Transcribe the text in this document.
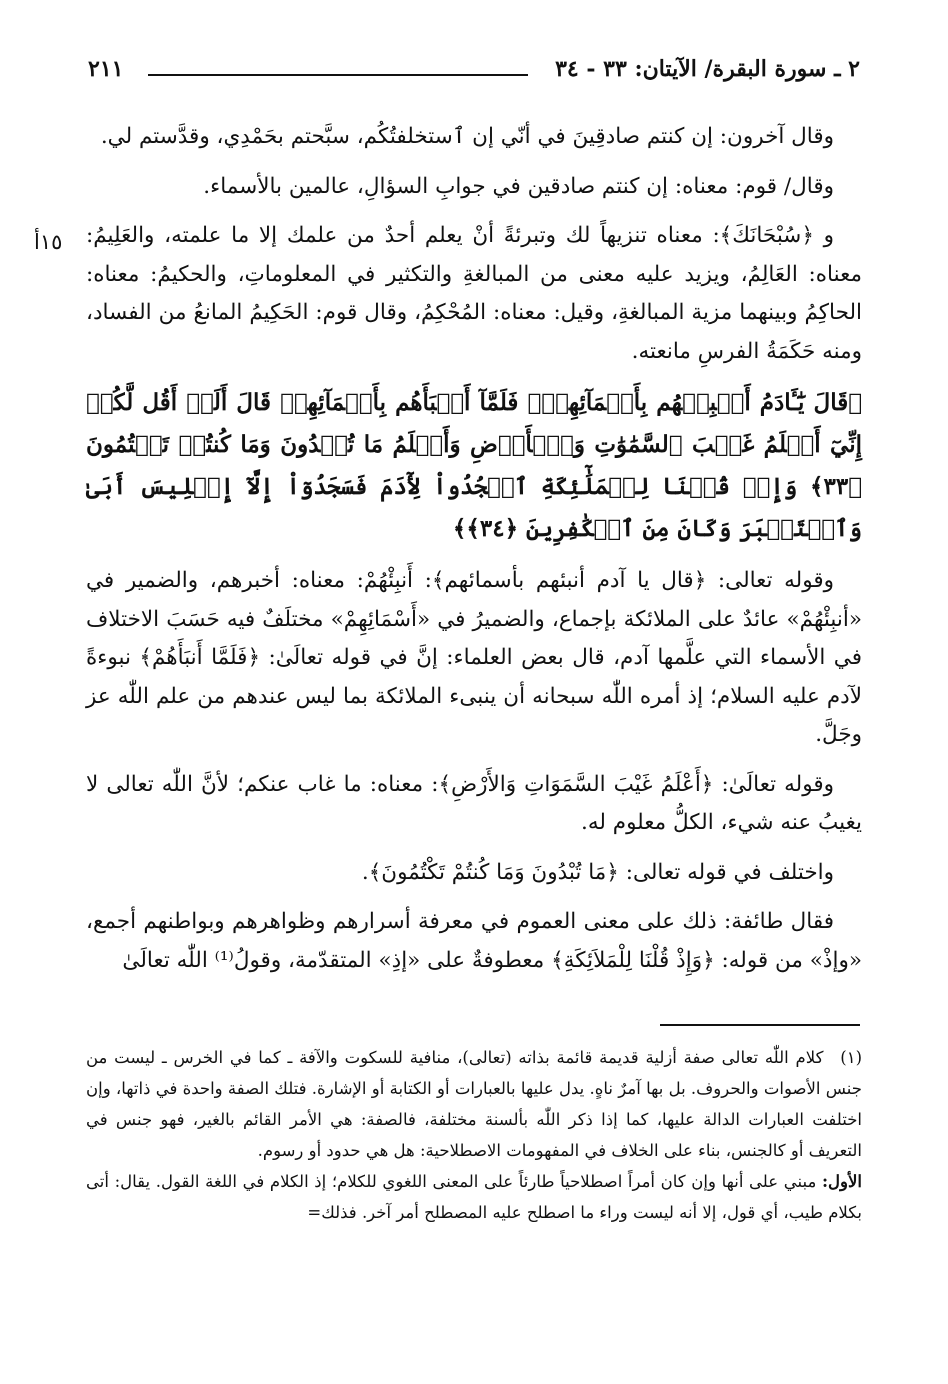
٢ ـ سورة البقرة/ الآيتان: ٣٣ - ٣٤
٢١١
١٥أ

وقال آخرون: إن كنتم صادقِينَ في أنّي إن ٱستخلفتُكُم، سبَّحتم بحَمْدِي، وقدَّستم لي.

وقال/ قوم: معناه: إن كنتم صادقين في جوابِ السؤالِ، عالمين بالأسماء.

و ﴿سُبْحَانَكَ﴾: معناه تنزيهاً لك وتبرئةً أنْ يعلم أحدٌ من علمك إلا ما علمته، والعَلِيمُ: معناه: العَالِمُ، ويزيد عليه معنى من المبالغةِ والتكثير في المعلوماتِ، والحكيمُ: معناه: الحاكِمُ وبينهما مزية المبالغةِ، وقيل: معناه: المُحْكِمُ، وقال قوم: الحَكِيمُ المانعُ من الفساد، ومنه حَكَمَةُ الفرسِ مانعته.

﴿قَالَ يَٰٓـَٔادَمُ أَنۢبِئۡهُم بِأَسۡمَآئِهِمۡۖ فَلَمَّآ أَنۢبَأَهُم بِأَسۡمَآئِهِمۡ قَالَ أَلَمۡ أَقُل لَّكُمۡ إِنِّيٓ أَعۡلَمُ غَيۡبَ ٱلسَّمَٰوَٰتِ وَٱلۡأَرۡضِ وَأَعۡلَمُ مَا تُبۡدُونَ وَمَا كُنتُمۡ تَكۡتُمُونَ ﴿٣٣﴾ وَإِذۡ قُلۡنَا لِلۡمَلَٰٓئِكَةِ ٱسۡجُدُواْ لِأٓدَمَ فَسَجَدُوٓاْ إِلَّآ إِبۡلِيسَ أَبَىٰ وَٱسۡتَكۡبَرَ وَكَانَ مِنَ ٱلۡكَٰفِرِينَ ﴿٣٤﴾﴾

وقوله تعالى: ﴿قال يا آدم أنبئهم بأسمائهم﴾: أَنبِئْهُمْ: معناه: أخبرهم، والضمير في «أنبِئْهُمْ» عائدٌ على الملائكة بإجماع، والضميرُ في «أَسْمَائِهِمْ» مختلَفٌ فيه حَسَبَ الاختلاف في الأسماء التي علَّمها آدم، قال بعض العلماء: إنَّ في قوله تعالَىٰ: ﴿فَلَمَّا أَنبَأَهُمْ﴾ نبوءةً لآدم عليه السلام؛ إذ أمره اللّٰه سبحانه أن ينبىء الملائكة بما ليس عندهم من علم اللّٰه عز وجَلَّ.

وقوله تعالَىٰ: ﴿أَعْلَمُ غَيْبَ السَّمَوَاتِ وَالأَرْضِ﴾: معناه: ما غاب عنكم؛ لأنَّ اللّٰه تعالى لا يغيبُ عنه شيء، الكلُّ معلوم له.

واختلف في قوله تعالى: ﴿مَا تُبْدُونَ وَمَا كُنتُمْ تَكْتُمُونَ﴾.

فقال طائفة: ذلك على معنى العموم في معرفة أسرارهم وظواهرهم وبواطنهم أجمع، «وإذْ» من قوله: ﴿وَإِذْ قُلْنَا لِلْمَلاَئِكَةِ﴾ معطوفةٌ على «إذِ» المتقدّمة، وقولُ⁽¹⁾ اللّٰه تعالَىٰ

(١) كلام اللّٰه تعالى صفة أزلية قديمة قائمة بذاته (تعالى)، منافية للسكوت والآفة ـ كما في الخرس ـ ليست من جنس الأصوات والحروف. بل بها آمرٌ ناهٍ. يدل عليها بالعبارات أو الكتابة أو الإشارة. فتلك الصفة واحدة في ذاتها، وإن اختلفت العبارات الدالة عليها، كما إذا ذكر اللّٰه بألسنة مختلفة، فالصفة: هي الأمر القائم بالغير، فهو جنس في التعريف أو كالجنس، بناء على الخلاف في المفهومات الاصطلاحية: هل هي حدود أو رسوم.

الأول: مبني على أنها وإن كان أمراً اصطلاحياً طارئاً على المعنى اللغوي للكلام؛ إذ الكلام في اللغة القول. يقال: أتى بكلام طيب، أي قول، إلا أنه ليست وراء ما اصطلح عليه المصطلح أمر آخر. فذلك=
